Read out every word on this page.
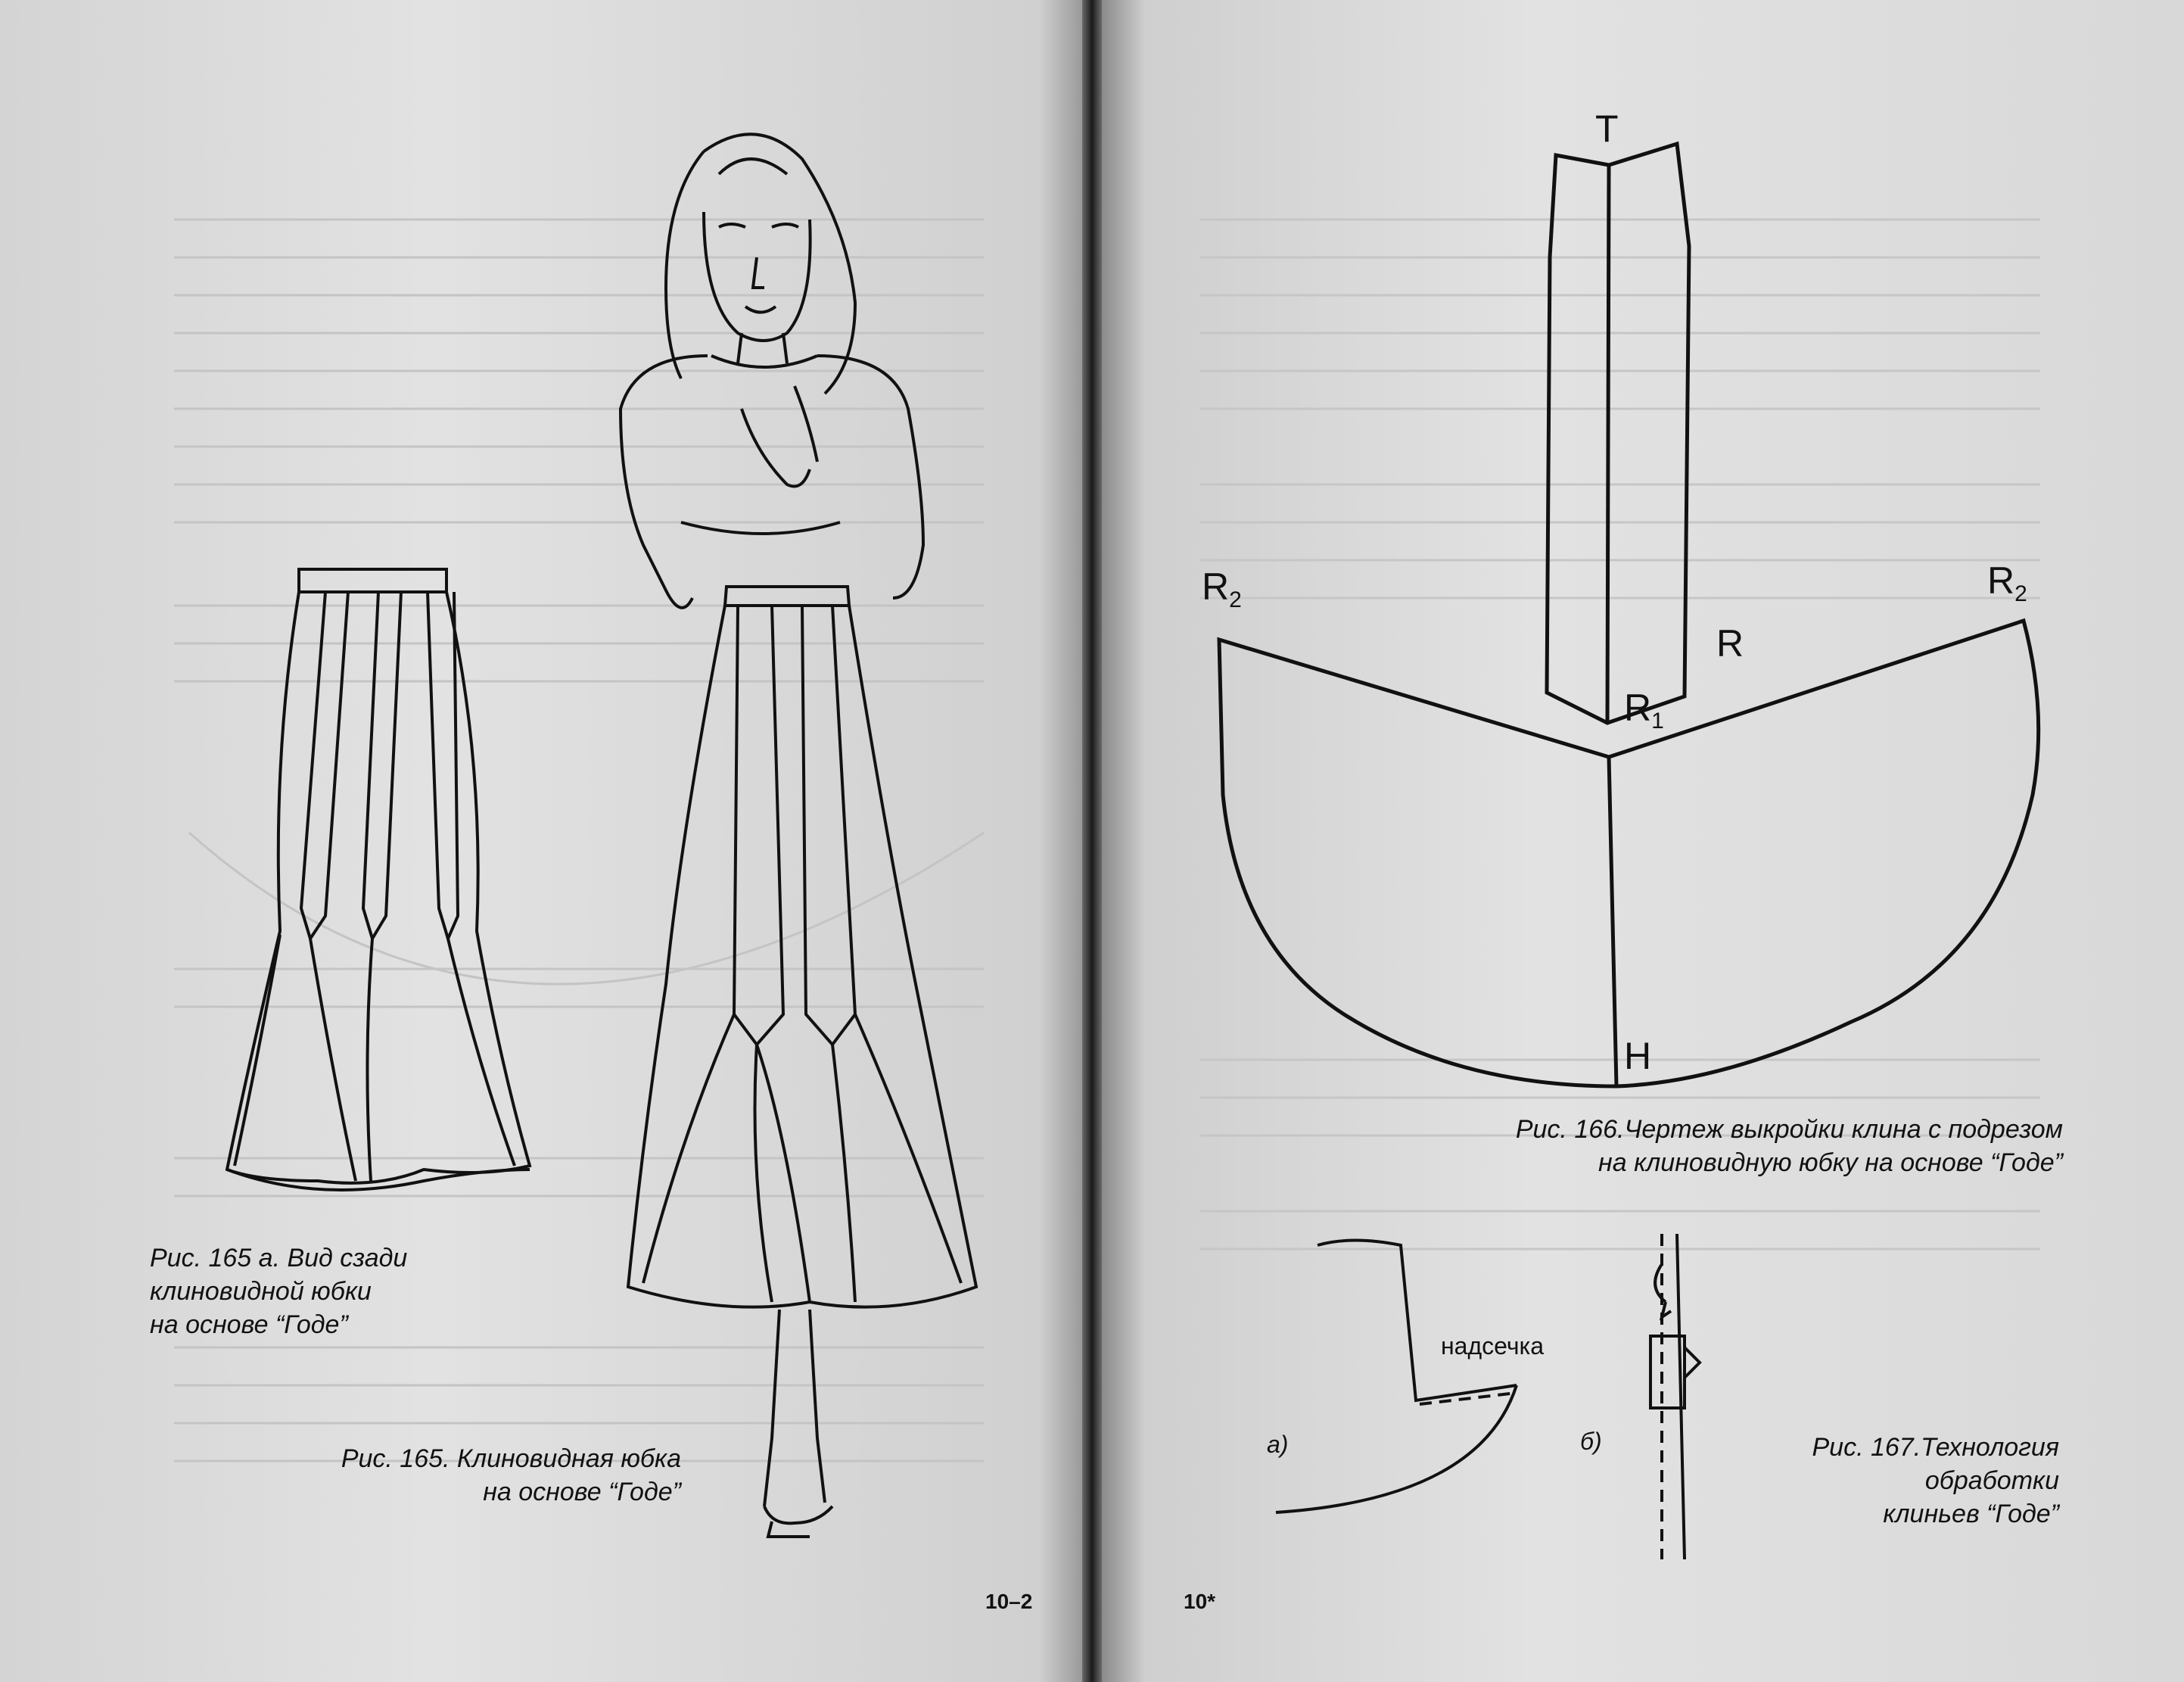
Рис. 165 а. Вид сзади
клиновидной юбки
на основе “Годе”
Рис. 165. Клиновидная юбка
на основе “Годе”
10–2
T
R
$R_1$
$R_2$	$R_2$
H
Рис. 166.Чертеж выкройки клина с подрезом
на клиновидную юбку на основе “Годе”
надсечка
а)	б)	Рис. 167.Технология
обработки
клиньев “Годе”
10*
